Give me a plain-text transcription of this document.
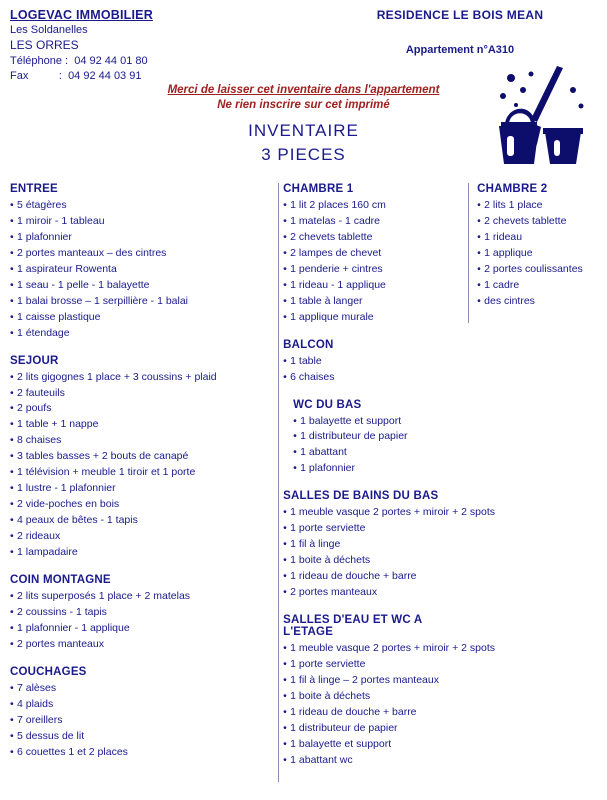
LOGEVAC IMMOBILIER
Les Soldanelles
LES ORRES
Téléphone :  04 92 44 01 80
Fax          :  04 92 44 03 91
RESIDENCE LE BOIS MEAN
Appartement n°A310
Merci de laisser cet inventaire dans l'appartement
Ne rien inscrire sur cet imprimé
INVENTAIRE
3 PIECES
ENTREE
• 5 étagères
• 1 miroir - 1 tableau
• 1 plafonnier
• 2 portes manteaux – des cintres
• 1 aspirateur Rowenta
• 1 seau - 1 pelle - 1 balayette
• 1 balai brosse – 1 serpillière - 1 balai
• 1 caisse plastique
• 1 étendage
SEJOUR
• 2 lits gigognes 1 place + 3 coussins + plaid
• 2 fauteuils
• 2 poufs
• 1 table + 1 nappe
• 8 chaises
• 3 tables basses + 2 bouts de canapé
• 1 télévision + meuble 1 tiroir et 1 porte
• 1 lustre - 1 plafonnier
• 2 vide-poches en bois
• 4 peaux de bêtes - 1 tapis
• 2 rideaux
• 1 lampadaire
COIN MONTAGNE
• 2 lits superposés 1 place + 2 matelas
• 2 coussins - 1 tapis
• 1 plafonnier - 1 applique
• 2 portes manteaux
COUCHAGES
• 7 alèses
• 4 plaids
• 7 oreillers
• 5 dessus de lit
• 6 couettes 1 et 2 places
CHAMBRE 1
• 1 lit 2 places 160 cm
• 1 matelas - 1 cadre
• 2 chevets tablette
• 2 lampes de chevet
• 1 penderie + cintres
• 1 rideau - 1 applique
• 1 table à langer
• 1 applique murale
BALCON
• 1 table
• 6 chaises
WC DU BAS
• 1 balayette et support
• 1 distributeur de papier
• 1 abattant
• 1 plafonnier
SALLES DE BAINS DU BAS
• 1 meuble vasque 2 portes + miroir + 2 spots
• 1 porte serviette
• 1 fil à linge
• 1 boite à déchets
• 1 rideau de douche + barre
• 2 portes manteaux
SALLES D'EAU ET WC A L'ETAGE
• 1 meuble vasque 2 portes + miroir + 2 spots
• 1 porte serviette
• 1 fil à linge – 2 portes manteaux
• 1 boite à déchets
• 1 rideau de douche + barre
• 1 distributeur de papier
• 1 balayette et support
• 1 abattant wc
CHAMBRE 2
• 2 lits 1 place
• 2 chevets tablette
• 1 rideau
• 1 applique
• 2 portes coulissantes
• 1 cadre
• des cintres
